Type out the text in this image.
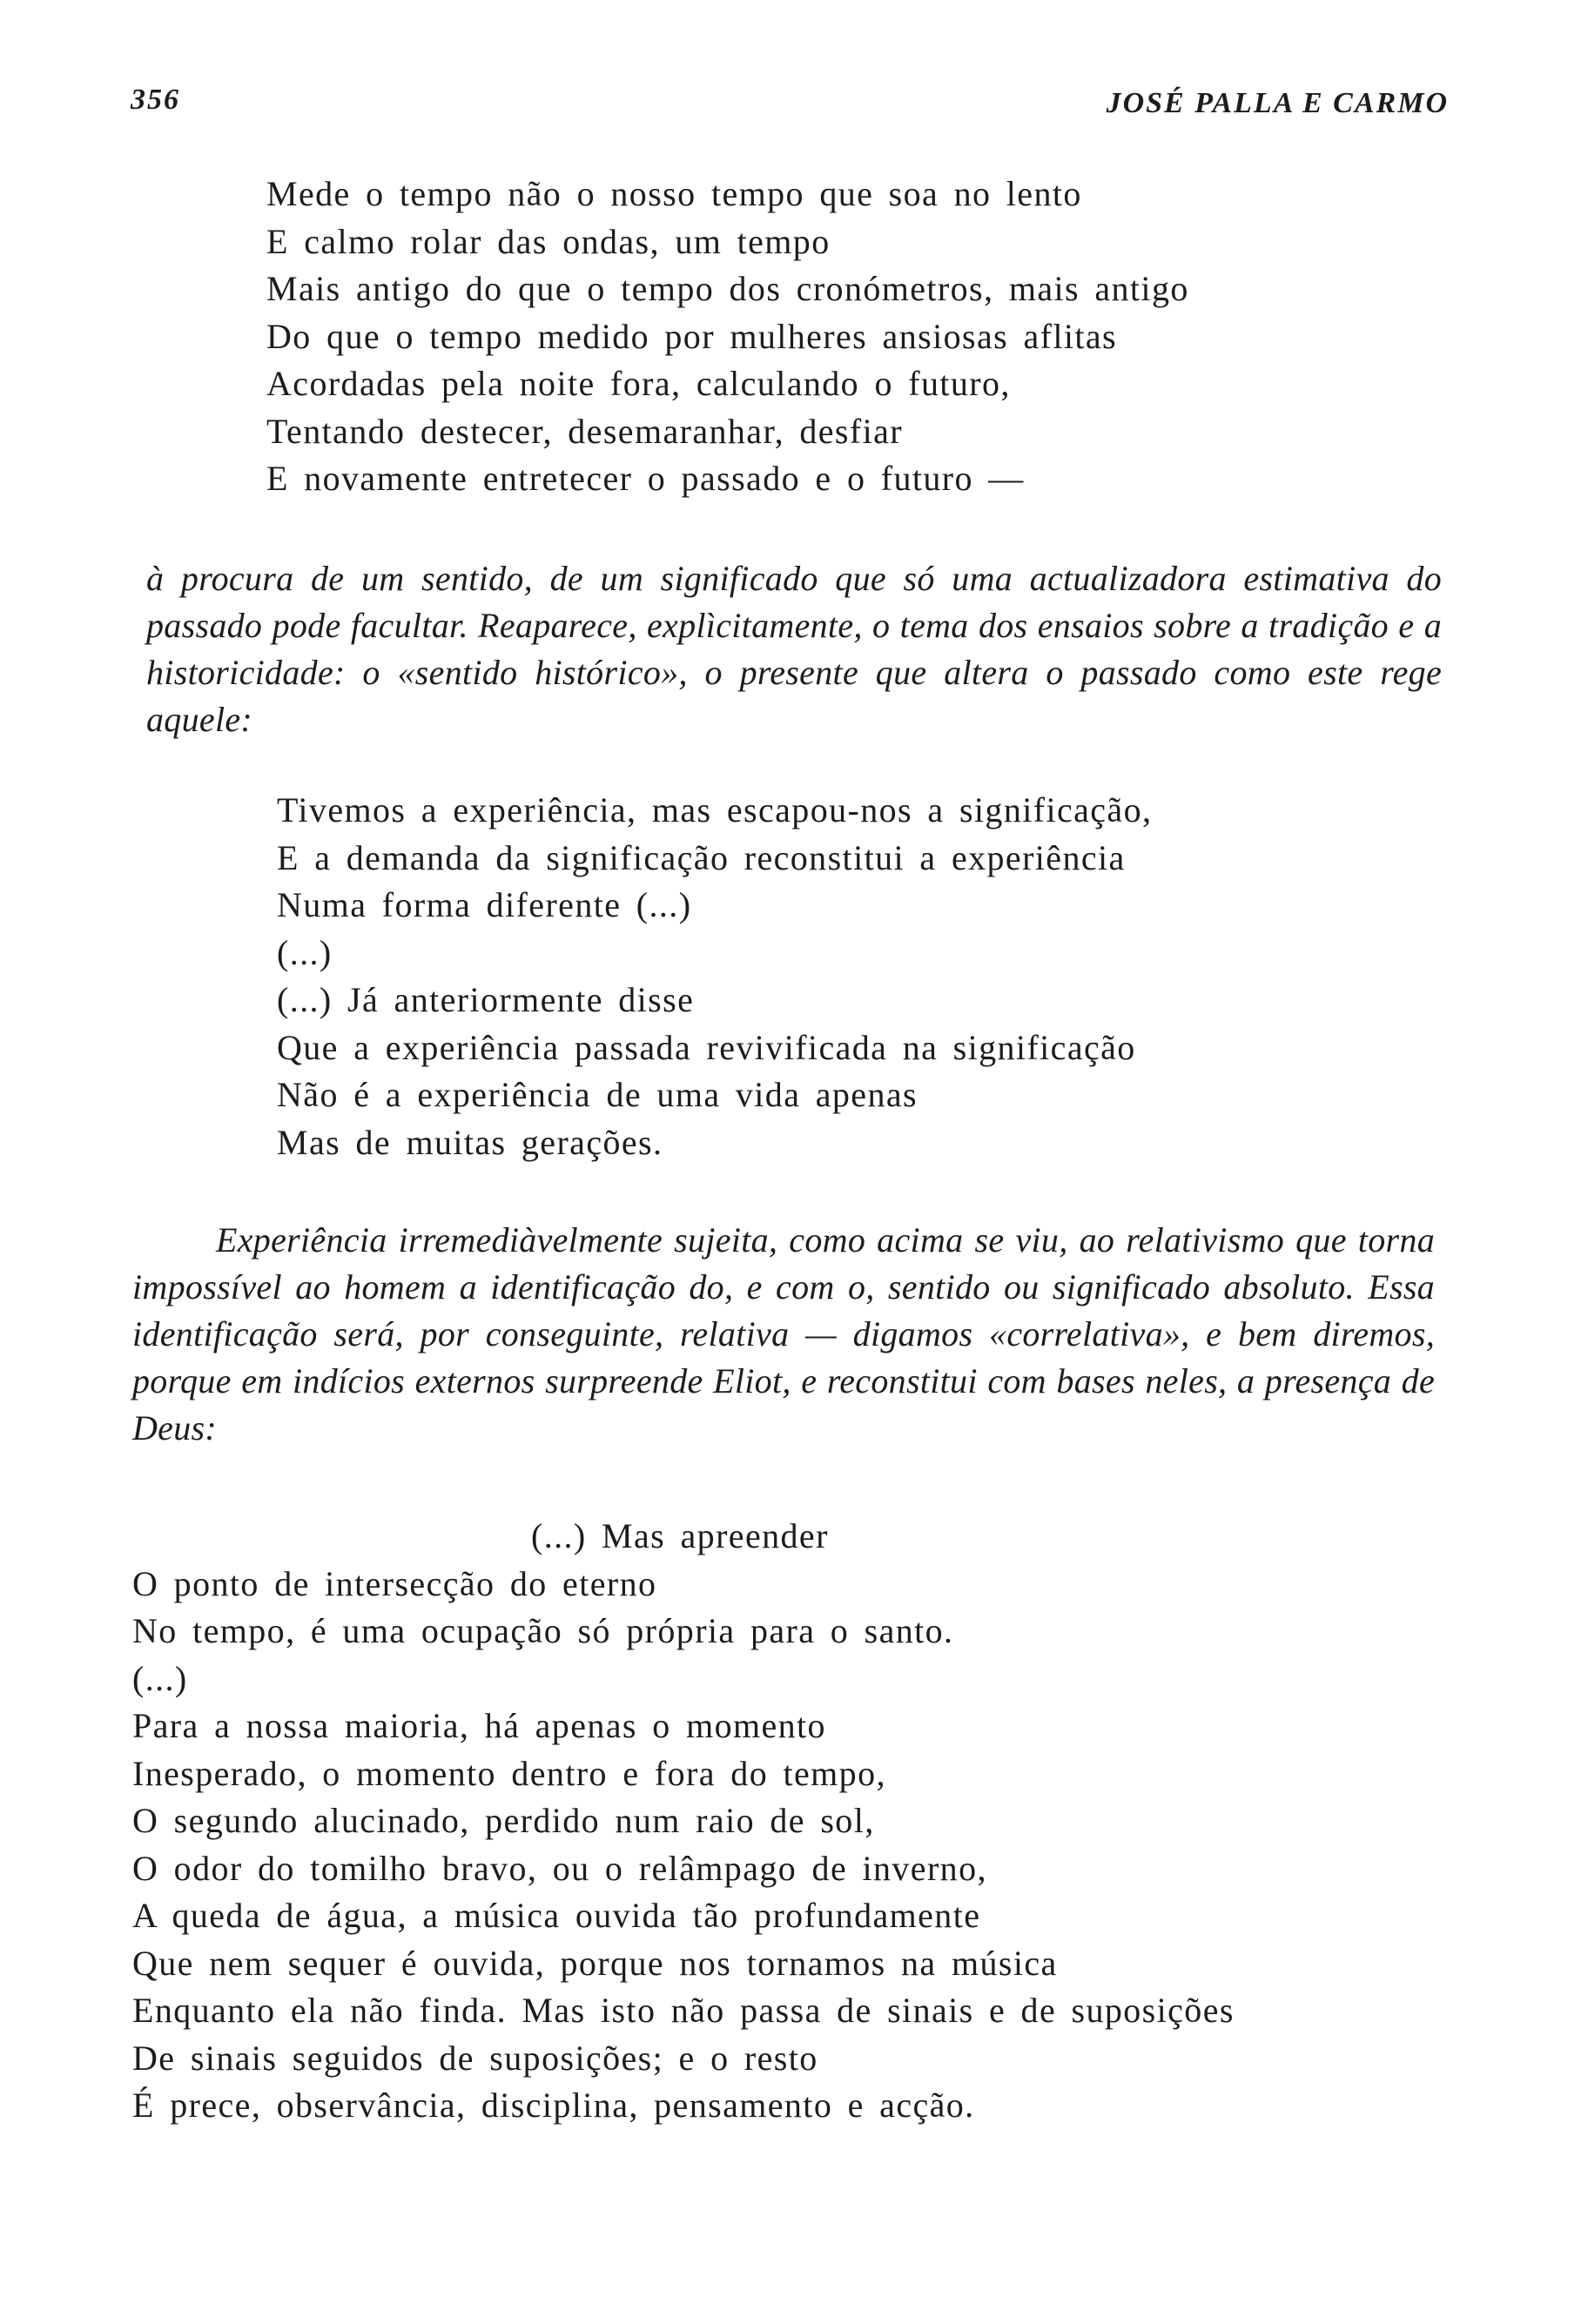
356	JOSÉ PALLA E CARMO
Mede o tempo não o nosso tempo que soa no lento
E calmo rolar das ondas, um tempo
Mais antigo do que o tempo dos cronómetros, mais antigo
Do que o tempo medido por mulheres ansiosas aflitas
Acordadas pela noite fora, calculando o futuro,
Tentando destecer, desemaranhar, desfiar
E novamente entretecer o passado e o futuro —

à procura de um sentido, de um significado que só uma actualizadora estimativa do passado pode facultar. Reaparece, explìcitamente, o tema dos ensaios sobre a tradição e a historicidade: o «sentido histórico», o presente que altera o passado como este rege aquele:

Tivemos a experiência, mas escapou-nos a significação,
E a demanda da significação reconstitui a experiência
Numa forma diferente (...)
(...)
(...) Já anteriormente disse
Que a experiência passada revivificada na significação
Não é a experiência de uma vida apenas
Mas de muitas gerações.

Experiência irremediàvelmente sujeita, como acima se viu, ao relativismo que torna impossível ao homem a identificação do, e com o, sentido ou significado absoluto. Essa identificação será, por conseguinte, relativa — digamos «correlativa», e bem diremos, porque em indícios externos surpreende Eliot, e reconstitui com bases neles, a presença de Deus:

(...) Mas apreender
O ponto de intersecção do eterno
No tempo, é uma ocupação só própria para o santo.
(...)
Para a nossa maioria, há apenas o momento
Inesperado, o momento dentro e fora do tempo,
O segundo alucinado, perdido num raio de sol,
O odor do tomilho bravo, ou o relâmpago de inverno,
A queda de água, a música ouvida tão profundamente
Que nem sequer é ouvida, porque nos tornamos na música
Enquanto ela não finda. Mas isto não passa de sinais e de suposições
De sinais seguidos de suposições; e o resto
É prece, observância, disciplina, pensamento e acção.
